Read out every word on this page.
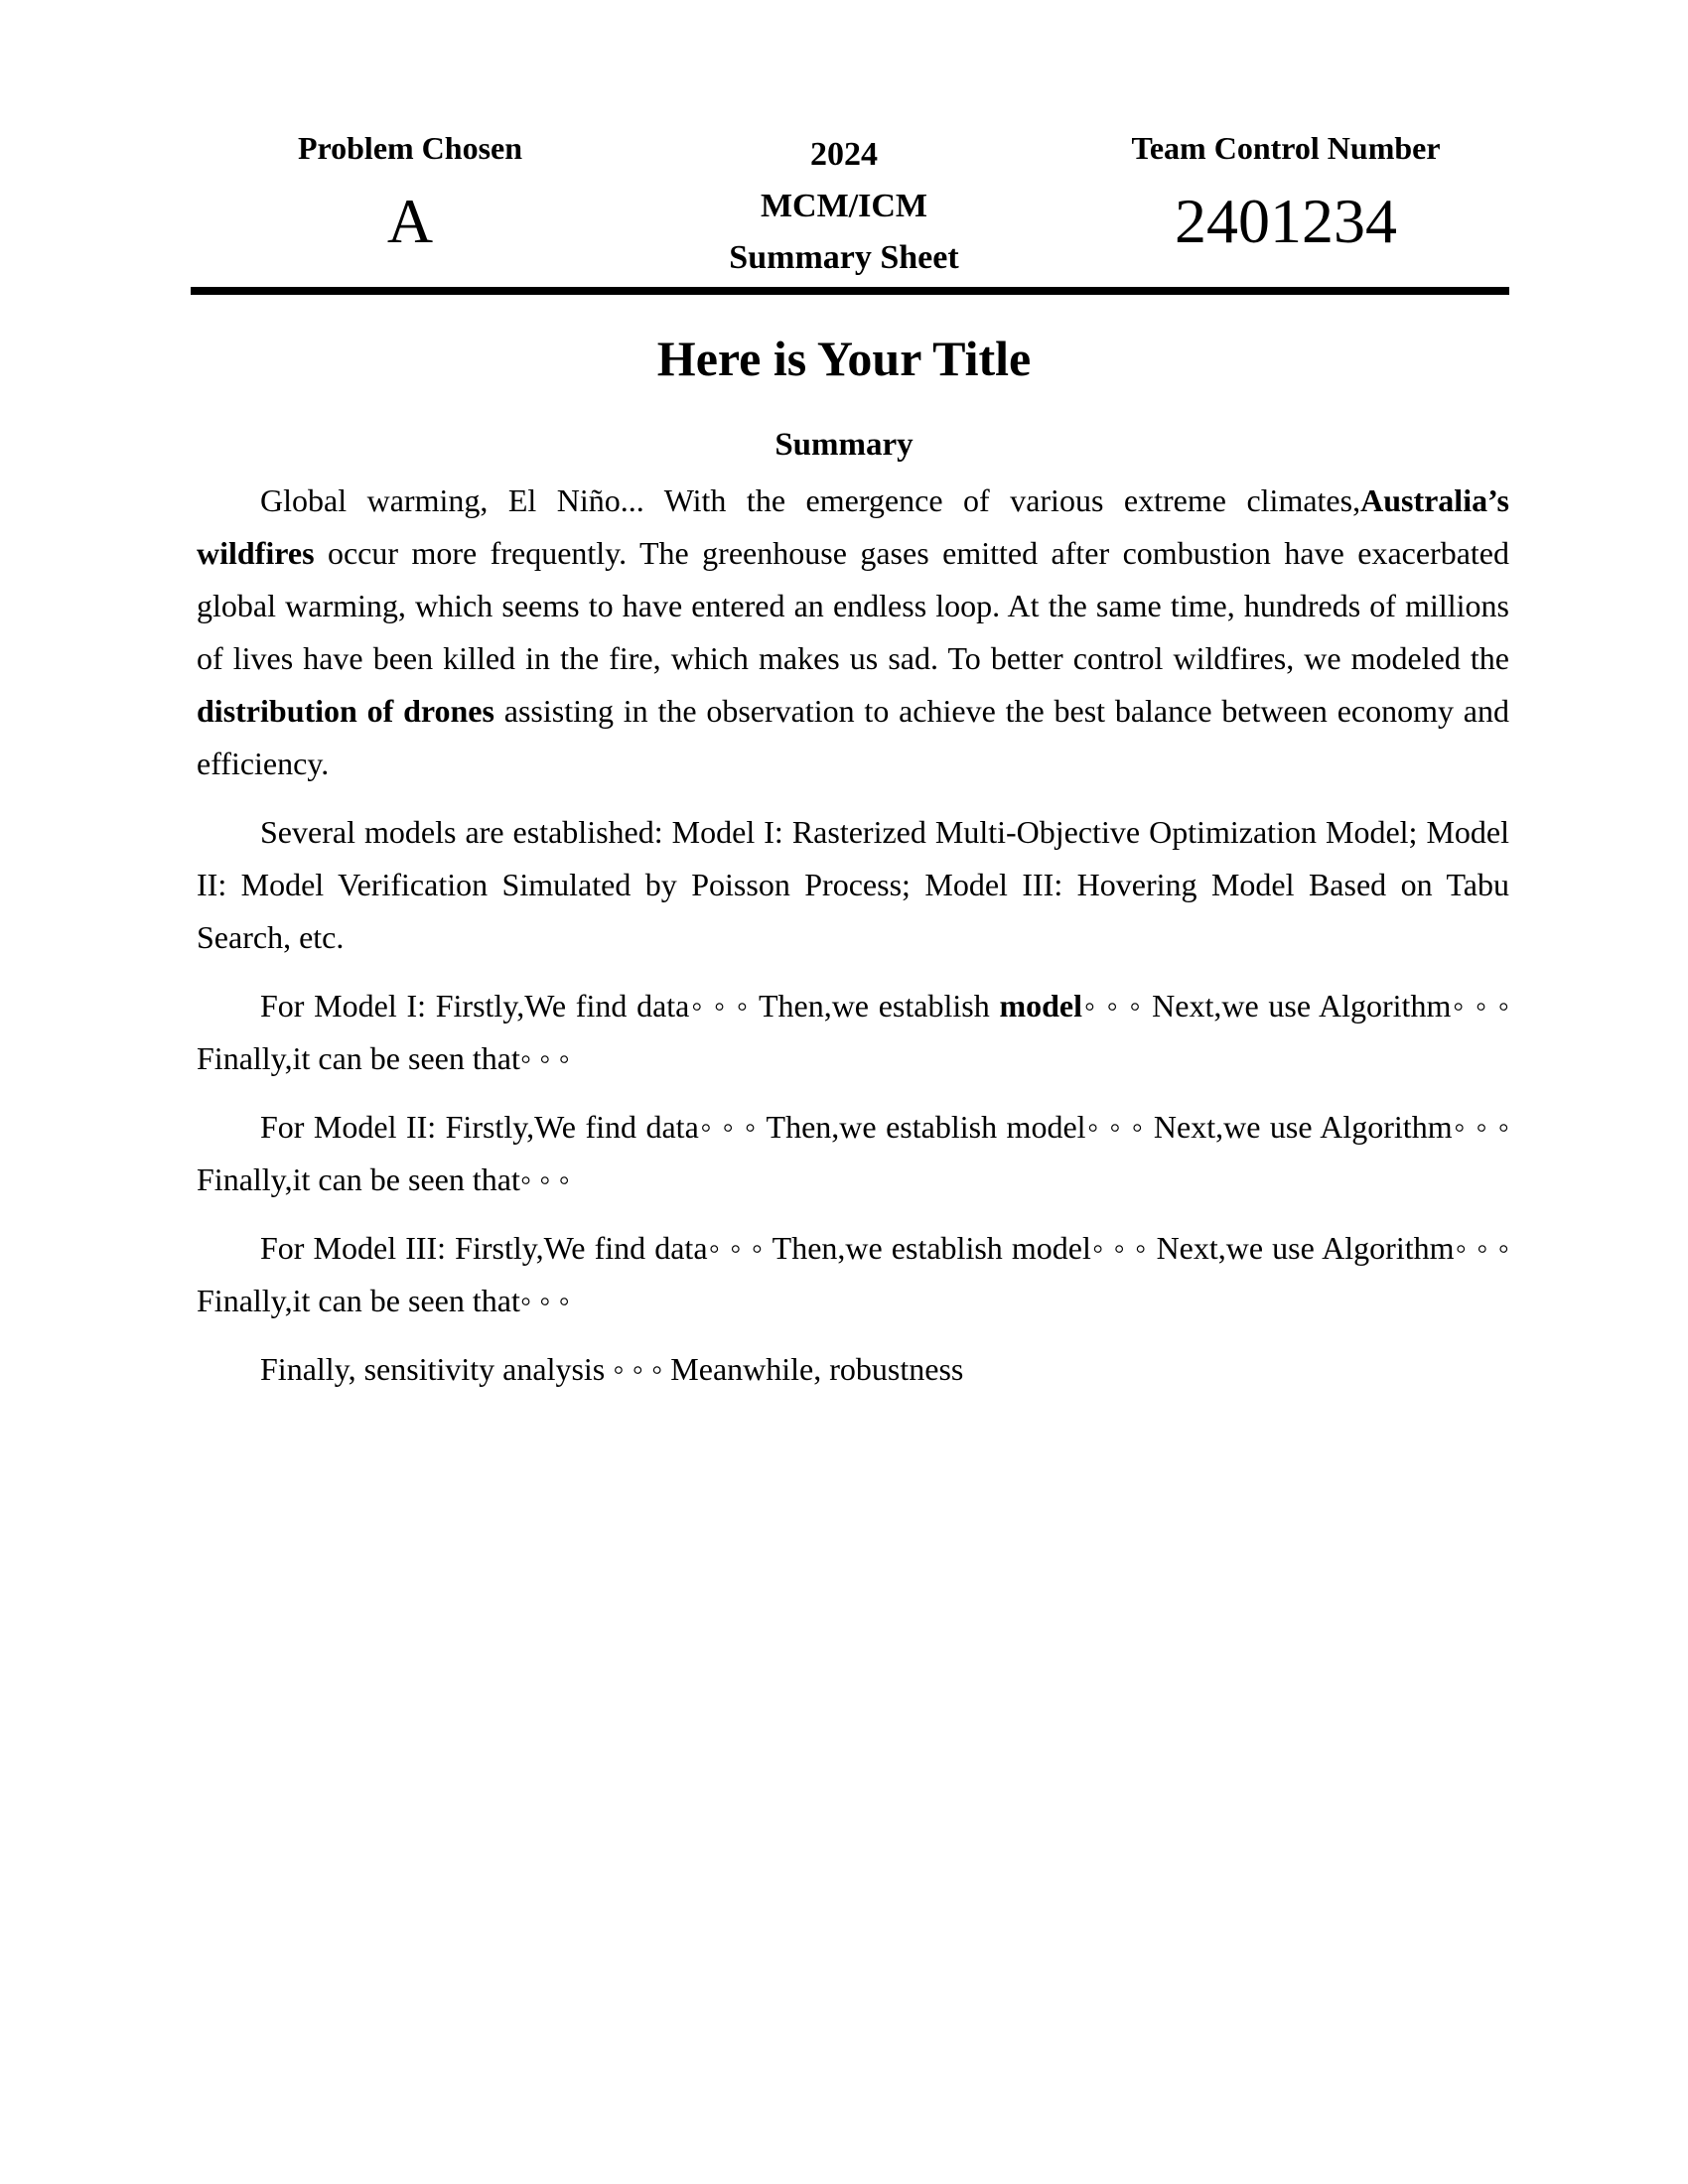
Problem Chosen
A
2024
MCM/ICM
Summary Sheet
Team Control Number
2401234
Here is Your Title
Summary

Global warming, El Niño... With the emergence of various extreme climates,Australia’s wildfires occur more frequently. The greenhouse gases emitted after combustion have exacerbated global warming, which seems to have entered an endless loop. At the same time, hundreds of millions of lives have been killed in the fire, which makes us sad. To better control wildfires, we modeled the distribution of drones assisting in the observation to achieve the best balance between economy and efficiency.

Several models are established: Model I: Rasterized Multi-Objective Optimization Model; Model II: Model Verification Simulated by Poisson Process; Model III: Hovering Model Based on Tabu Search, etc.

For Model I: Firstly,We find data◦ ◦ ◦ Then,we establish model◦ ◦ ◦ Next,we use Algorithm◦ ◦ ◦ Finally,it can be seen that◦ ◦ ◦

For Model II: Firstly,We find data◦ ◦ ◦ Then,we establish model◦ ◦ ◦ Next,we use Algorithm◦ ◦ ◦ Finally,it can be seen that◦ ◦ ◦

For Model III: Firstly,We find data◦ ◦ ◦ Then,we establish model◦ ◦ ◦ Next,we use Algorithm◦ ◦ ◦ Finally,it can be seen that◦ ◦ ◦

Finally, sensitivity analysis ◦ ◦ ◦ Meanwhile, robustness
